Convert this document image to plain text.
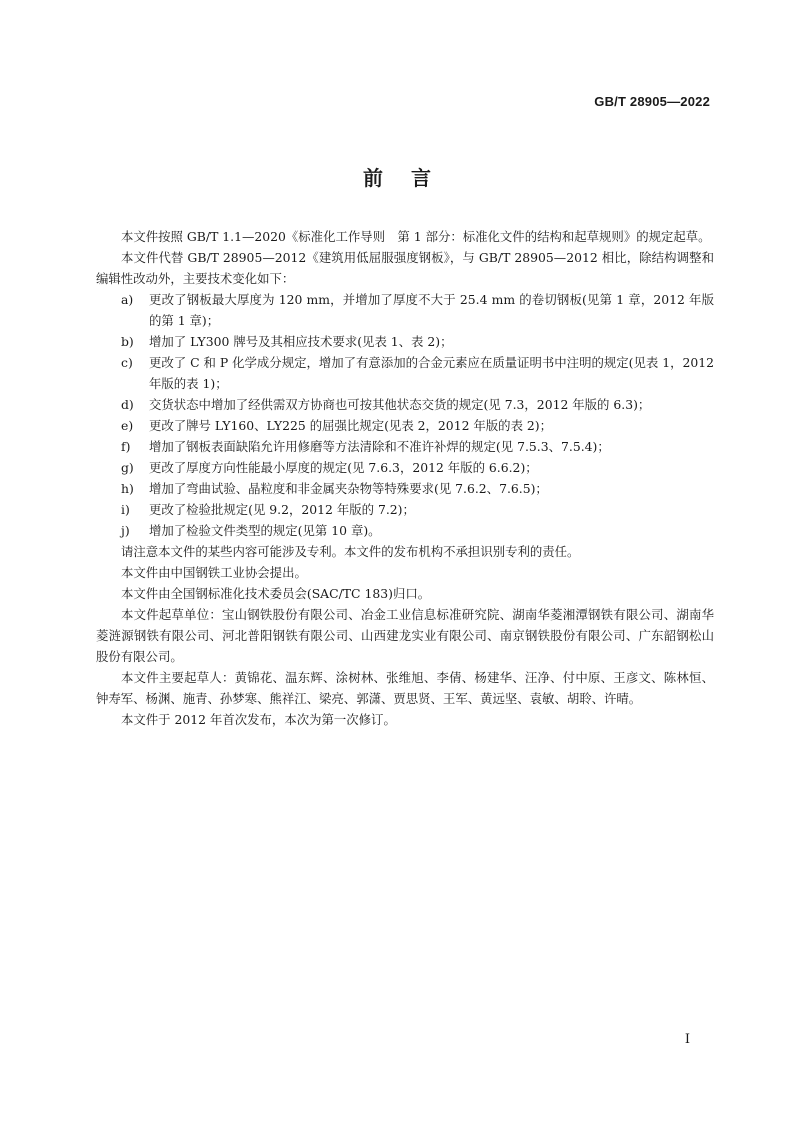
GB/T 28905—2022
前言

本文件按照 GB/T 1.1—2020《标准化工作导则　第 1 部分：标准化文件的结构和起草规则》的规定起草。

本文件代替 GB/T 28905—2012《建筑用低屈服强度钢板》，与 GB/T 28905—2012 相比，除结构调整和编辑性改动外，主要技术变化如下：

a)	更改了钢板最大厚度为 120 mm，并增加了厚度不大于 25.4 mm 的卷切钢板(见第 1 章，2012 年版的第 1 章)；
b)	增加了 LY300 牌号及其相应技术要求(见表 1、表 2)；
c)	更改了 C 和 P 化学成分规定，增加了有意添加的合金元素应在质量证明书中注明的规定(见表 1，2012 年版的表 1)；
d)	交货状态中增加了经供需双方协商也可按其他状态交货的规定(见 7.3，2012 年版的 6.3)；
e)	更改了牌号 LY160、LY225 的屈强比规定(见表 2，2012 年版的表 2)；
f)	增加了钢板表面缺陷允许用修磨等方法清除和不准许补焊的规定(见 7.5.3、7.5.4)；
g)	更改了厚度方向性能最小厚度的规定(见 7.6.3，2012 年版的 6.6.2)；
h)	增加了弯曲试验、晶粒度和非金属夹杂物等特殊要求(见 7.6.2、7.6.5)；
i)	更改了检验批规定(见 9.2，2012 年版的 7.2)；
j)	增加了检验文件类型的规定(见第 10 章)。

请注意本文件的某些内容可能涉及专利。本文件的发布机构不承担识别专利的责任。

本文件由中国钢铁工业协会提出。

本文件由全国钢标准化技术委员会(SAC/TC 183)归口。

本文件起草单位：宝山钢铁股份有限公司、冶金工业信息标准研究院、湖南华菱湘潭钢铁有限公司、湖南华菱涟源钢铁有限公司、河北普阳钢铁有限公司、山西建龙实业有限公司、南京钢铁股份有限公司、广东韶钢松山股份有限公司。

本文件主要起草人：黄锦花、温东辉、涂树林、张维旭、李倩、杨建华、汪净、付中原、王彦文、陈林恒、钟寿军、杨渊、施青、孙梦寒、熊祥江、梁亮、郭潇、贾思贤、王军、黄远坚、袁敏、胡聆、许晴。

本文件于 2012 年首次发布，本次为第一次修订。

I
